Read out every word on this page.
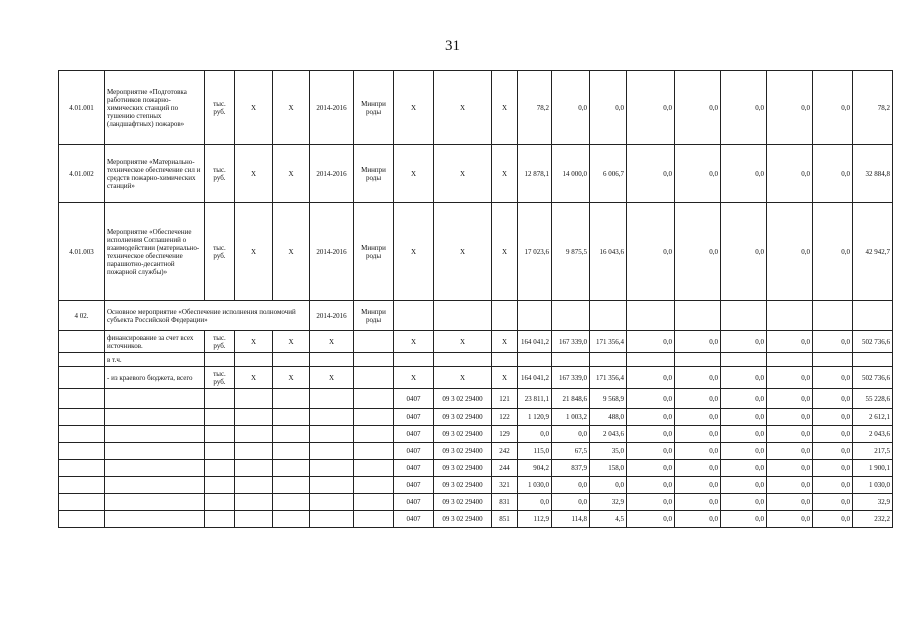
31
4.01.001	Мероприятие «Подготовка работников пожарно-химических станций по тушению степных (ландшафтных) пожаров»	тыс. руб.	X	X	2014-2016	Минпри роды	X	X	X	78,2	0,0	0,0	0,0	0,0	0,0	0,0	0,0	78,2
4.01.002	Мероприятие «Материально-техническое обеспечение сил и средств пожарно-химических станций»	тыс. руб.	X	X	2014-2016	Минпри роды	X	X	X	12 878,1	14 000,0	6 006,7	0,0	0,0	0,0	0,0	0,0	32 884,8
4.01.003	Мероприятие «Обеспечение исполнения Соглашений о взаимодействии (материально-техническое обеспечение парашютно-десантной пожарной службы)»	тыс. руб.	X	X	2014-2016	Минпри роды	X	X	X	17 023,6	9 875,5	16 043,6	0,0	0,0	0,0	0,0	0,0	42 942,7
4 02.	Основное мероприятие «Обеспечение исполнения полномочий субъекта Российской Федерации»				2014-2016	Минпри роды												
	финансирование за счет всех источников.	тыс. руб.	X	X	X		X	X	X	164 041,2	167 339,0	171 356,4	0,0	0,0	0,0	0,0	0,0	502 736,6
	в т.ч.																	
	- из краевого бюджета, всего	тыс. руб.	X	X	X		X	X	X	164 041,2	167 339,0	171 356,4	0,0	0,0	0,0	0,0	0,0	502 736,6
							0407	09 3 02 29400	121	23 811,1	21 848,6	9 568,9	0,0	0,0	0,0	0,0	0,0	55 228,6
							0407	09 3 02 29400	122	1 120,9	1 003,2	488,0	0,0	0,0	0,0	0,0	0,0	2 612,1
							0407	09 3 02 29400	129	0,0	0,0	2 043,6	0,0	0,0	0,0	0,0	0,0	2 043,6
							0407	09 3 02 29400	242	115,0	67,5	35,0	0,0	0,0	0,0	0,0	0,0	217,5
							0407	09 3 02 29400	244	904,2	837,9	158,0	0,0	0,0	0,0	0,0	0,0	1 900,1
							0407	09 3 02 29400	321	1 030,0	0,0	0,0	0,0	0,0	0,0	0,0	0,0	1 030,0
							0407	09 3 02 29400	831	0,0	0,0	32,9	0,0	0,0	0,0	0,0	0,0	32,9
							0407	09 3 02 29400	851	112,9	114,8	4,5	0,0	0,0	0,0	0,0	0,0	232,2
